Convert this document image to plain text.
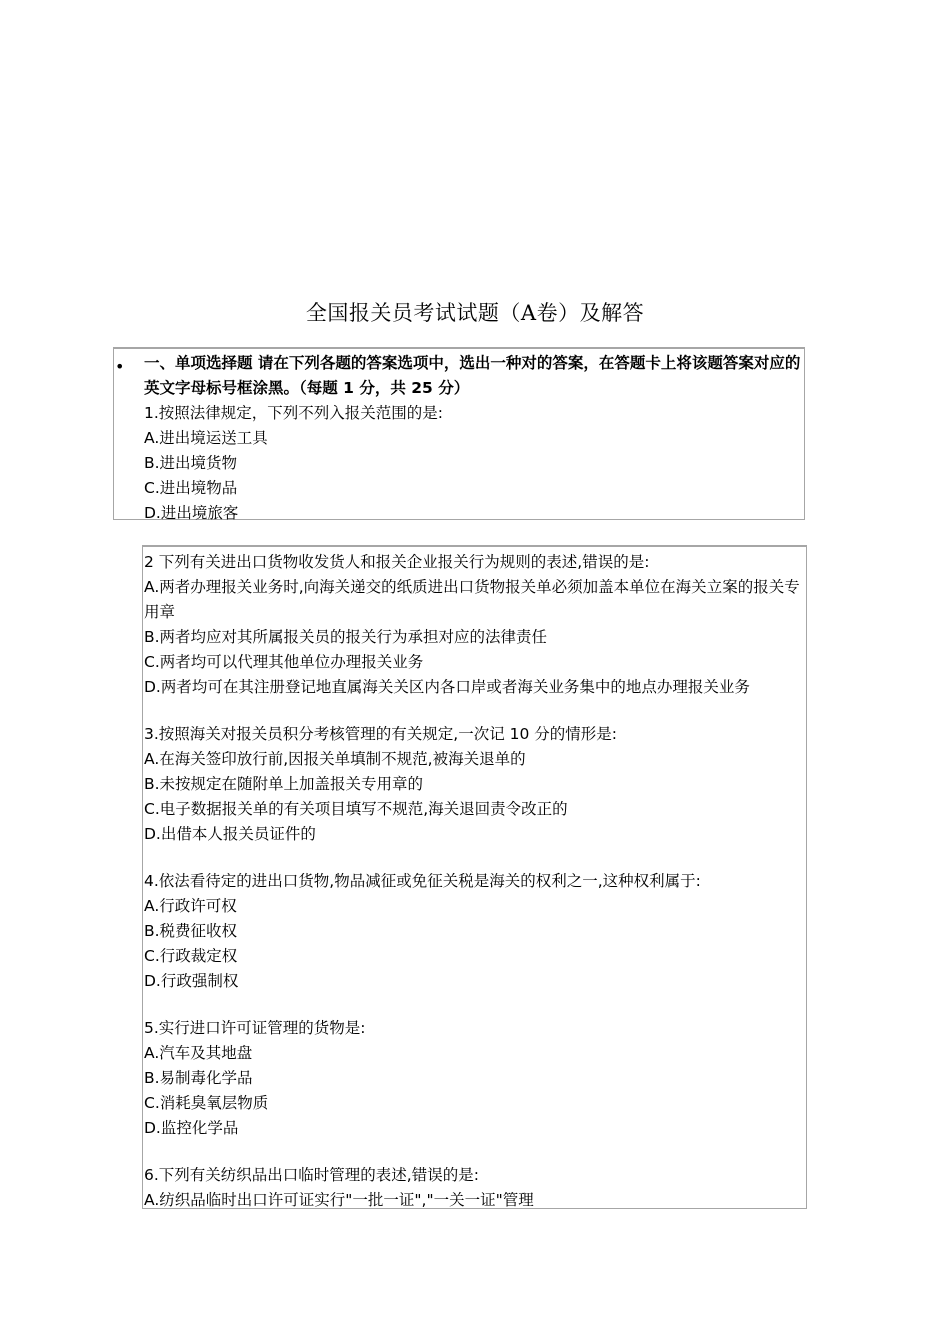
全国报关员考试试题（A卷）及解答
一、单项选择题 请在下列各题的答案选项中，选出一种对的答案，在答题卡上将该题答案对应的英文字母标号框涂黑。（每题 1 分，共 25 分）
1.按照法律规定，下列不列入报关范围的是:
A.进出境运送工具
B.进出境货物
C.进出境物品
D.进出境旅客
•
2 下列有关进出口货物收发货人和报关企业报关行为规则的表述,错误的是:
A.两者办理报关业务时,向海关递交的纸质进出口货物报关单必须加盖本单位在海关立案的报关专用章
B.两者均应对其所属报关员的报关行为承担对应的法律责任
C.两者均可以代理其他单位办理报关业务
D.两者均可在其注册登记地直属海关关区内各口岸或者海关业务集中的地点办理报关业务
3.按照海关对报关员积分考核管理的有关规定,一次记 10 分的情形是:
A.在海关签印放行前,因报关单填制不规范,被海关退单的
B.未按规定在随附单上加盖报关专用章的
C.电子数据报关单的有关项目填写不规范,海关退回责令改正的
D.出借本人报关员证件的
4.依法看待定的进出口货物,物品减征或免征关税是海关的权利之一,这种权利属于:
A.行政许可权
B.税费征收权
C.行政裁定权
D.行政强制权
5.实行进口许可证管理的货物是:
A.汽车及其地盘
B.易制毒化学品
C.消耗臭氧层物质
D.监控化学品
6.下列有关纺织品出口临时管理的表述,错误的是:
A.纺织品临时出口许可证实行"一批一证","一关一证"管理
